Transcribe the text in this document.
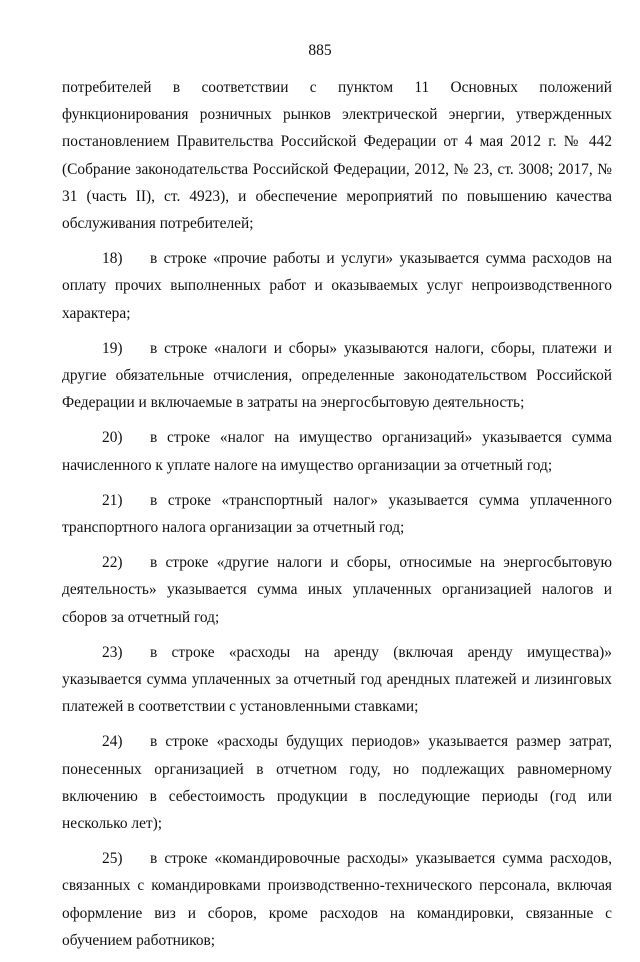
885

потребителей в соответствии с пунктом 11 Основных положений функционирования розничных рынков электрической энергии, утвержденных постановлением Правительства Российской Федерации от 4 мая 2012 г. № 442 (Собрание законодательства Российской Федерации, 2012, № 23, ст. 3008; 2017, № 31 (часть II), ст. 4923), и обеспечение мероприятий по повышению качества обслуживания потребителей;

18) в строке «прочие работы и услуги» указывается сумма расходов на оплату прочих выполненных работ и оказываемых услуг непроизводственного характера;

19) в строке «налоги и сборы» указываются налоги, сборы, платежи и другие обязательные отчисления, определенные законодательством Российской Федерации и включаемые в затраты на энергосбытовую деятельность;

20) в строке «налог на имущество организаций» указывается сумма начисленного к уплате налоге на имущество организации за отчетный год;

21) в строке «транспортный налог» указывается сумма уплаченного транспортного налога организации за отчетный год;

22) в строке «другие налоги и сборы, относимые на энергосбытовую деятельность» указывается сумма иных уплаченных организацией налогов и сборов за отчетный год;

23) в строке «расходы на аренду (включая аренду имущества)» указывается сумма уплаченных за отчетный год арендных платежей и лизинговых платежей в соответствии с установленными ставками;

24) в строке «расходы будущих периодов» указывается размер затрат, понесенных организацией в отчетном году, но подлежащих равномерному включению в себестоимость продукции в последующие периоды (год или несколько лет);

25) в строке «командировочные расходы» указывается сумма расходов, связанных с командировками производственно-технического персонала, включая оформление виз и сборов, кроме расходов на командировки, связанные с обучением работников;
